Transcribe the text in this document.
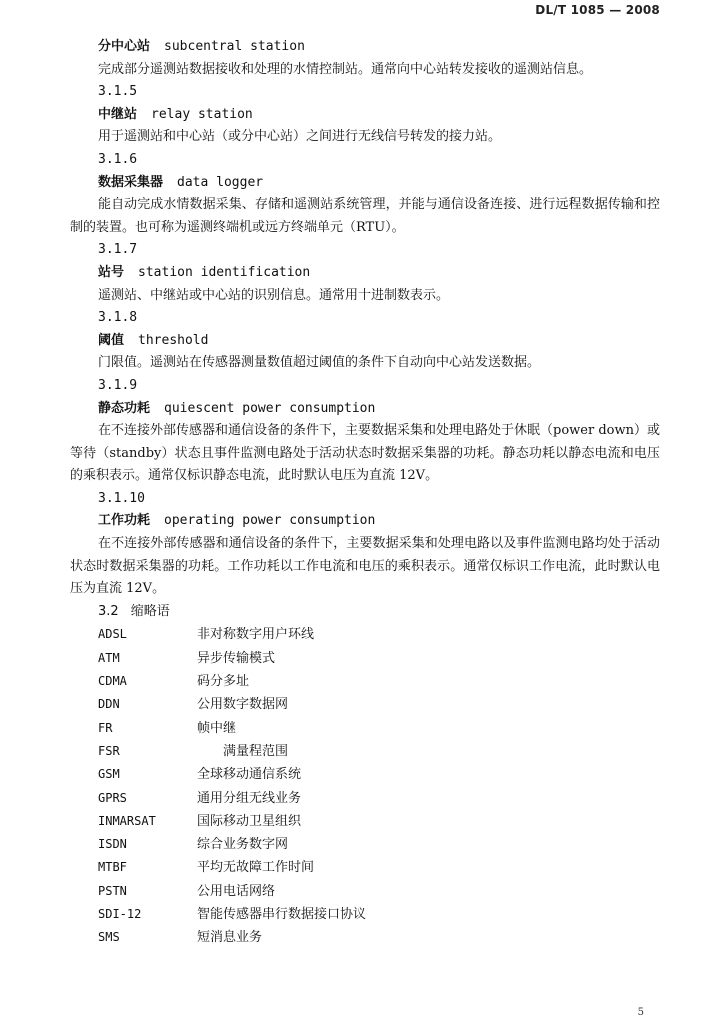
DL/T 1085 — 2008
分中心站 subcentral station
完成部分遥测站数据接收和处理的水情控制站。通常向中心站转发接收的遥测站信息。
3.1.5
中继站 relay station
用于遥测站和中心站（或分中心站）之间进行无线信号转发的接力站。
3.1.6
数据采集器 data logger
能自动完成水情数据采集、存储和遥测站系统管理，并能与通信设备连接、进行远程数据传输和控制的装置。也可称为遥测终端机或远方终端单元（RTU）。
3.1.7
站号 station identification
遥测站、中继站或中心站的识别信息。通常用十进制数表示。
3.1.8
阈值 threshold
门限值。遥测站在传感器测量数值超过阈值的条件下自动向中心站发送数据。
3.1.9
静态功耗 quiescent power consumption
在不连接外部传感器和通信设备的条件下，主要数据采集和处理电路处于休眠（power down）或等待（standby）状态且事件监测电路处于活动状态时数据采集器的功耗。静态功耗以静态电流和电压的乘积表示。通常仅标识静态电流，此时默认电压为直流 12V。
3.1.10
工作功耗 operating power consumption
在不连接外部传感器和通信设备的条件下，主要数据采集和处理电路以及事件监测电路均处于活动状态时数据采集器的功耗。工作功耗以工作电流和电压的乘积表示。通常仅标识工作电流，此时默认电压为直流 12V。
3.2 缩略语
ADSL	非对称数字用户环线
ATM	异步传输模式
CDMA	码分多址
DDN	公用数字数据网
FR	帧中继
FSR	满量程范围
GSM	全球移动通信系统
GPRS	通用分组无线业务
INMARSAT	国际移动卫星组织
ISDN	综合业务数字网
MTBF	平均无故障工作时间
PSTN	公用电话网络
SDI-12	智能传感器串行数据接口协议
SMS	短消息业务
5
